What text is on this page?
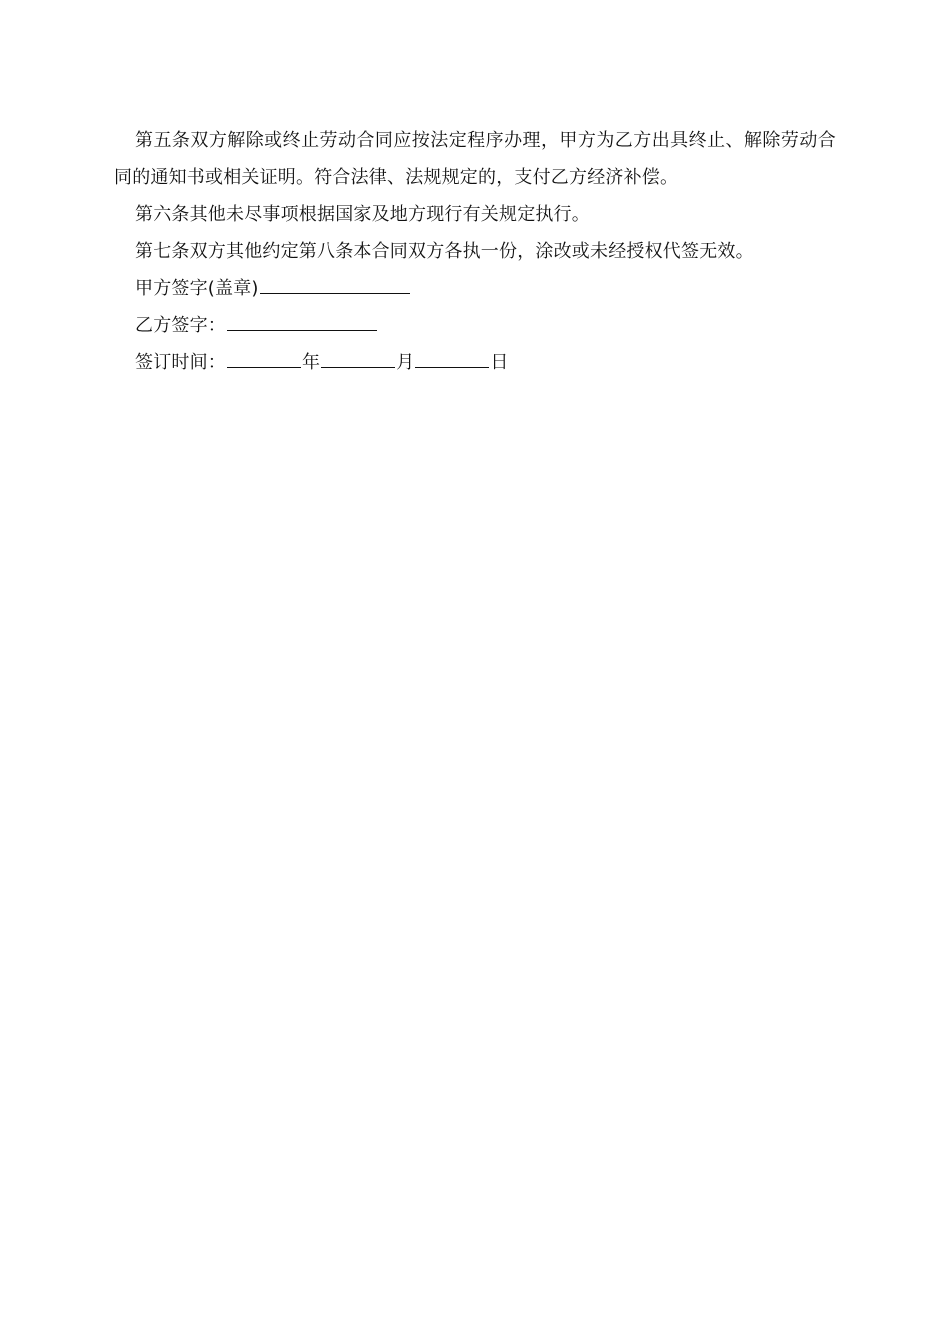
第五条双方解除或终止劳动合同应按法定程序办理，甲方为乙方出具终止、解除劳动合同的通知书或相关证明。符合法律、法规规定的，支付乙方经济补偿。

第六条其他未尽事项根据国家及地方现行有关规定执行。

第七条双方其他约定第八条本合同双方各执一份，涂改或未经授权代签无效。

甲方签字(盖章)

乙方签字：

签订时间：	年	月	日
